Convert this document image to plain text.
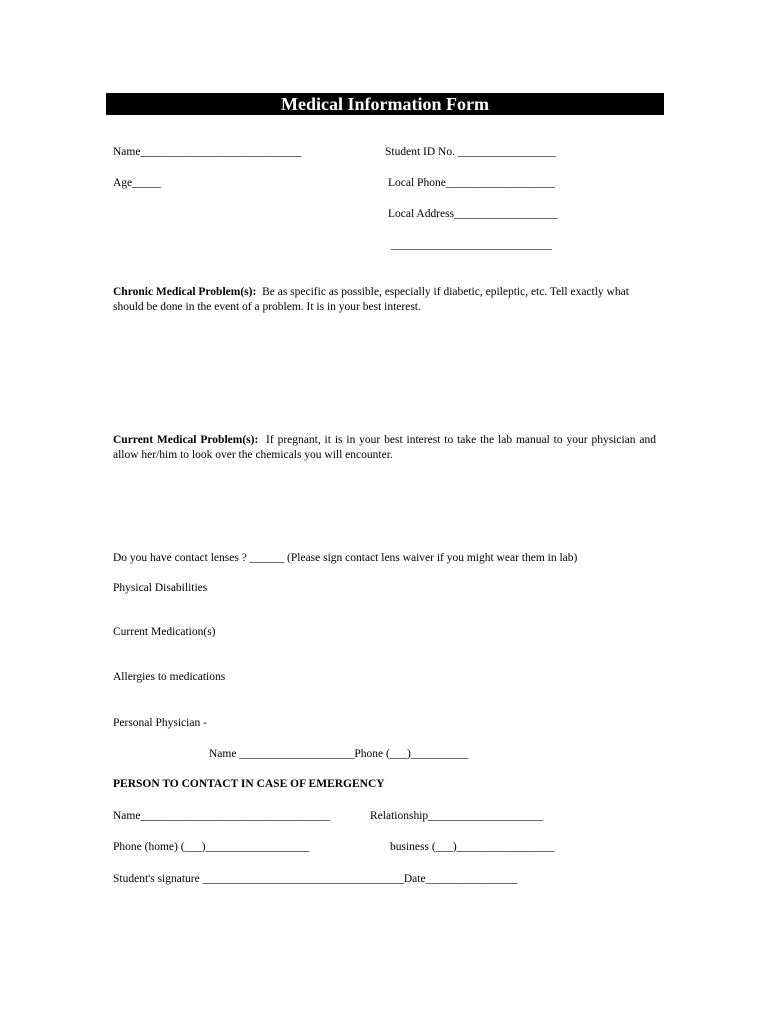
Medical Information Form
Name____________________________	Student ID No. _________________
Age_____	Local Phone___________________
Local Address__________________
____________________________
Chronic Medical Problem(s): Be as specific as possible, especially if diabetic, epileptic, etc. Tell exactly what should be done in the event of a problem. It is in your best interest.
Current Medical Problem(s): If pregnant, it is in your best interest to take the lab manual to your physician and allow her/him to look over the chemicals you will encounter.
Do you have contact lenses ? ______ (Please sign contact lens waiver if you might wear them in lab)
Physical Disabilities
Current Medication(s)
Allergies to medications
Personal Physician -
Name ____________________Phone (___)__________
PERSON TO CONTACT IN CASE OF EMERGENCY
Name_________________________________	Relationship____________________
Phone (home) (___)__________________	business (___)_________________
Student's signature ___________________________________Date________________
